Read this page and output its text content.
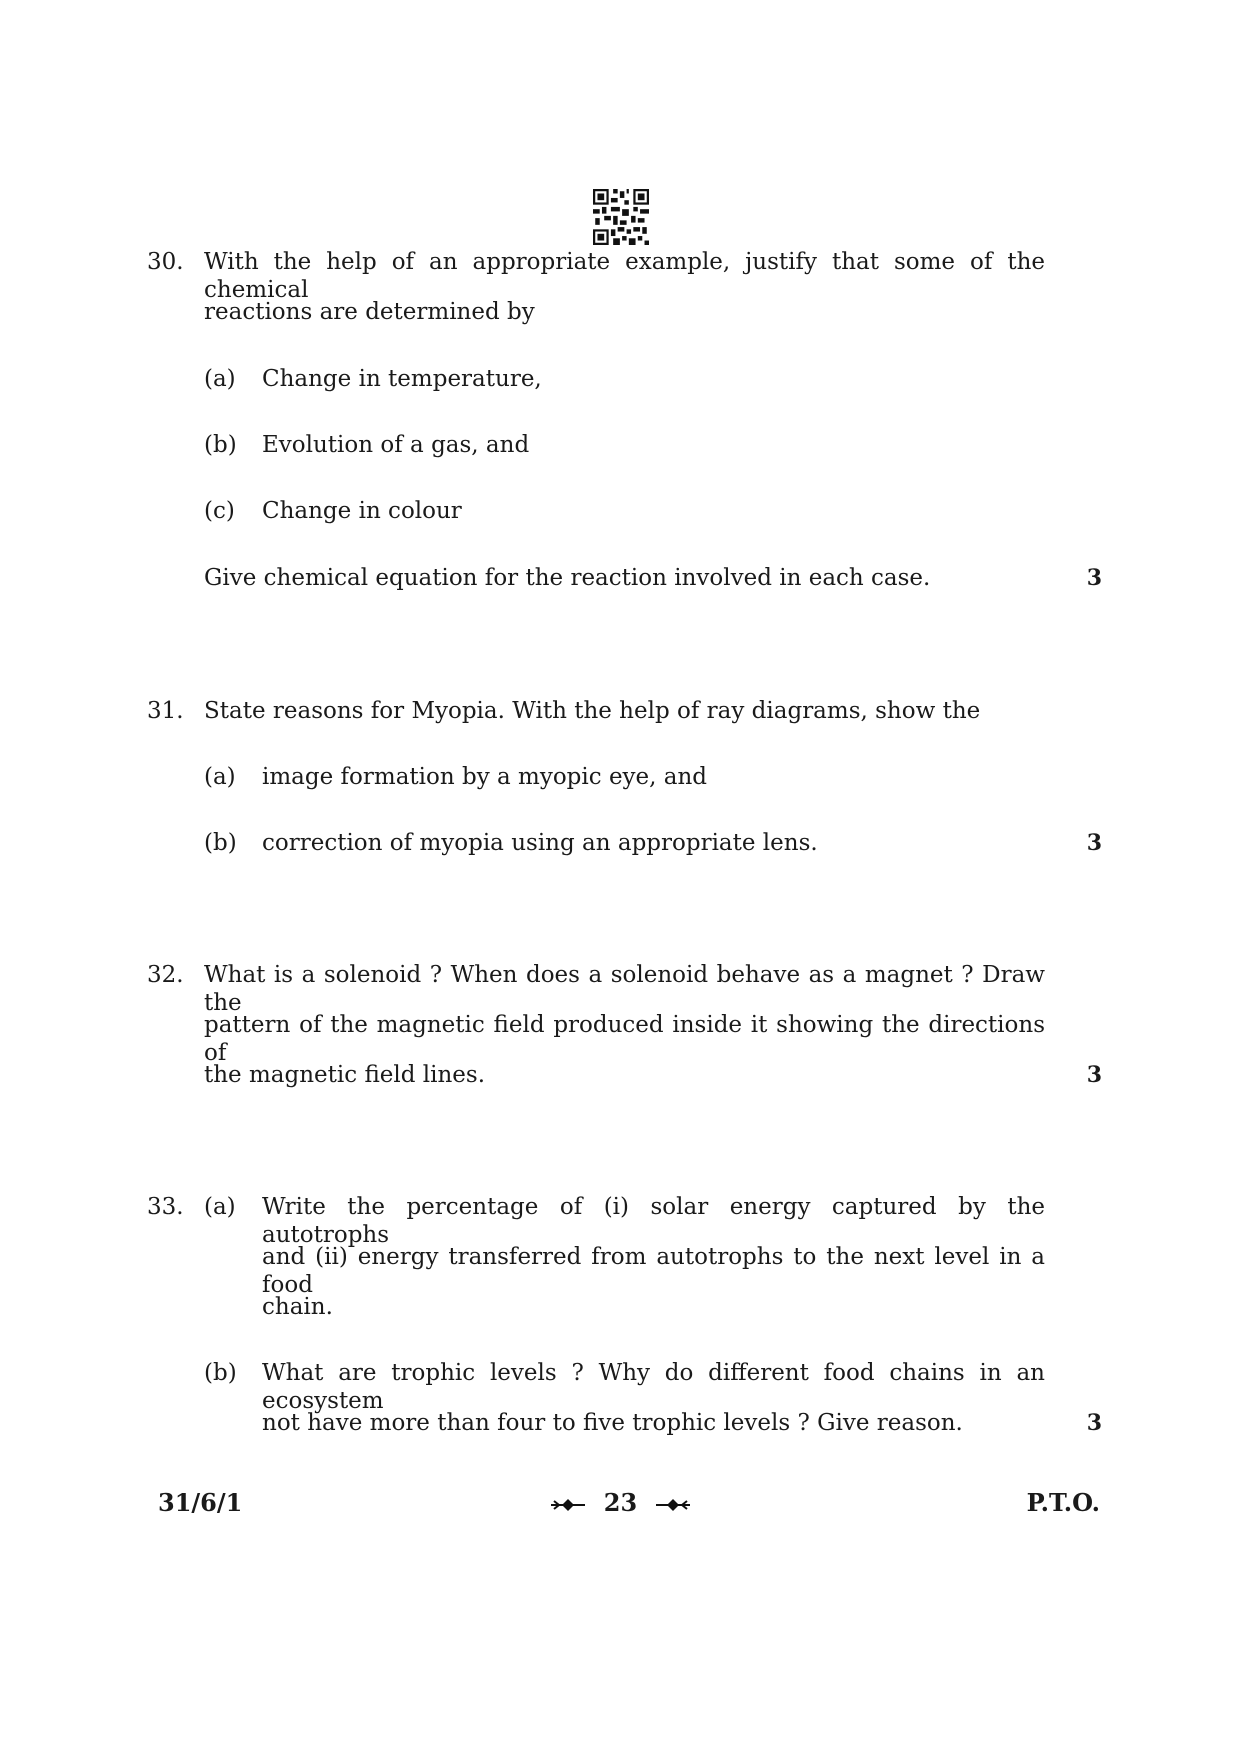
30. With the help of an appropriate example, justify that some of the chemical
reactions are determined by
(a) Change in temperature,
(b) Evolution of a gas, and
(c) Change in colour
Give chemical equation for the reaction involved in each case.	3
31. State reasons for Myopia. With the help of ray diagrams, show the
(a) image formation by a myopic eye, and
(b) correction of myopia using an appropriate lens.	3
32. What is a solenoid ? When does a solenoid behave as a magnet ? Draw the
pattern of the magnetic field produced inside it showing the directions of
the magnetic field lines.	3
33. (a) Write the percentage of (i) solar energy captured by the autotrophs
and (ii) energy transferred from autotrophs to the next level in a food
chain.
(b) What are trophic levels ? Why do different food chains in an ecosystem
not have more than four to five trophic levels ? Give reason.	3
31/6/1	23	P.T.O.
